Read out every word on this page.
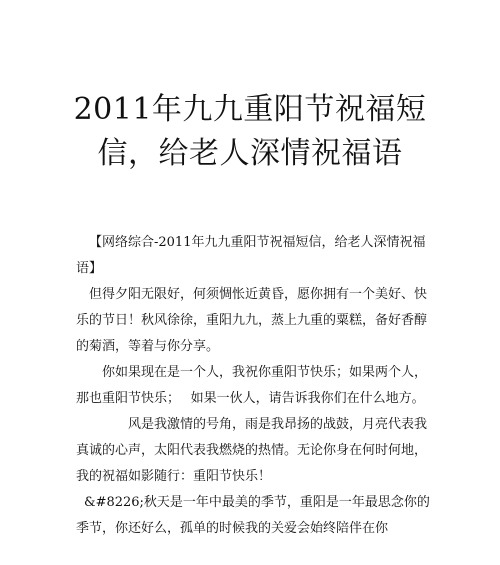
2011年九九重阳节祝福短
信，给老人深情祝福语

【网络综合-2011年九九重阳节祝福短信，给老人深情祝福语】

但得夕阳无限好，何须惆怅近黄昏，愿你拥有一个美好、快乐的节日！秋风徐徐，重阳九九，蒸上九重的粟糕，备好香醇的菊酒，等着与你分享。

你如果现在是一个人，我祝你重阳节快乐；如果两个人，那也重阳节快乐；　 如果一伙人，请告诉我你们在什么地方。

风是我激情的号角，雨是我昂扬的战鼓，月亮代表我真诚的心声，太阳代表我燃烧的热情。无论你身在何时何地，我的祝福如影随行：重阳节快乐！

&#8226;秋天是一年中最美的季节，重阳是一年最思念你的季节，你还好么，孤单的时候我的关爱会始终陪伴在你
